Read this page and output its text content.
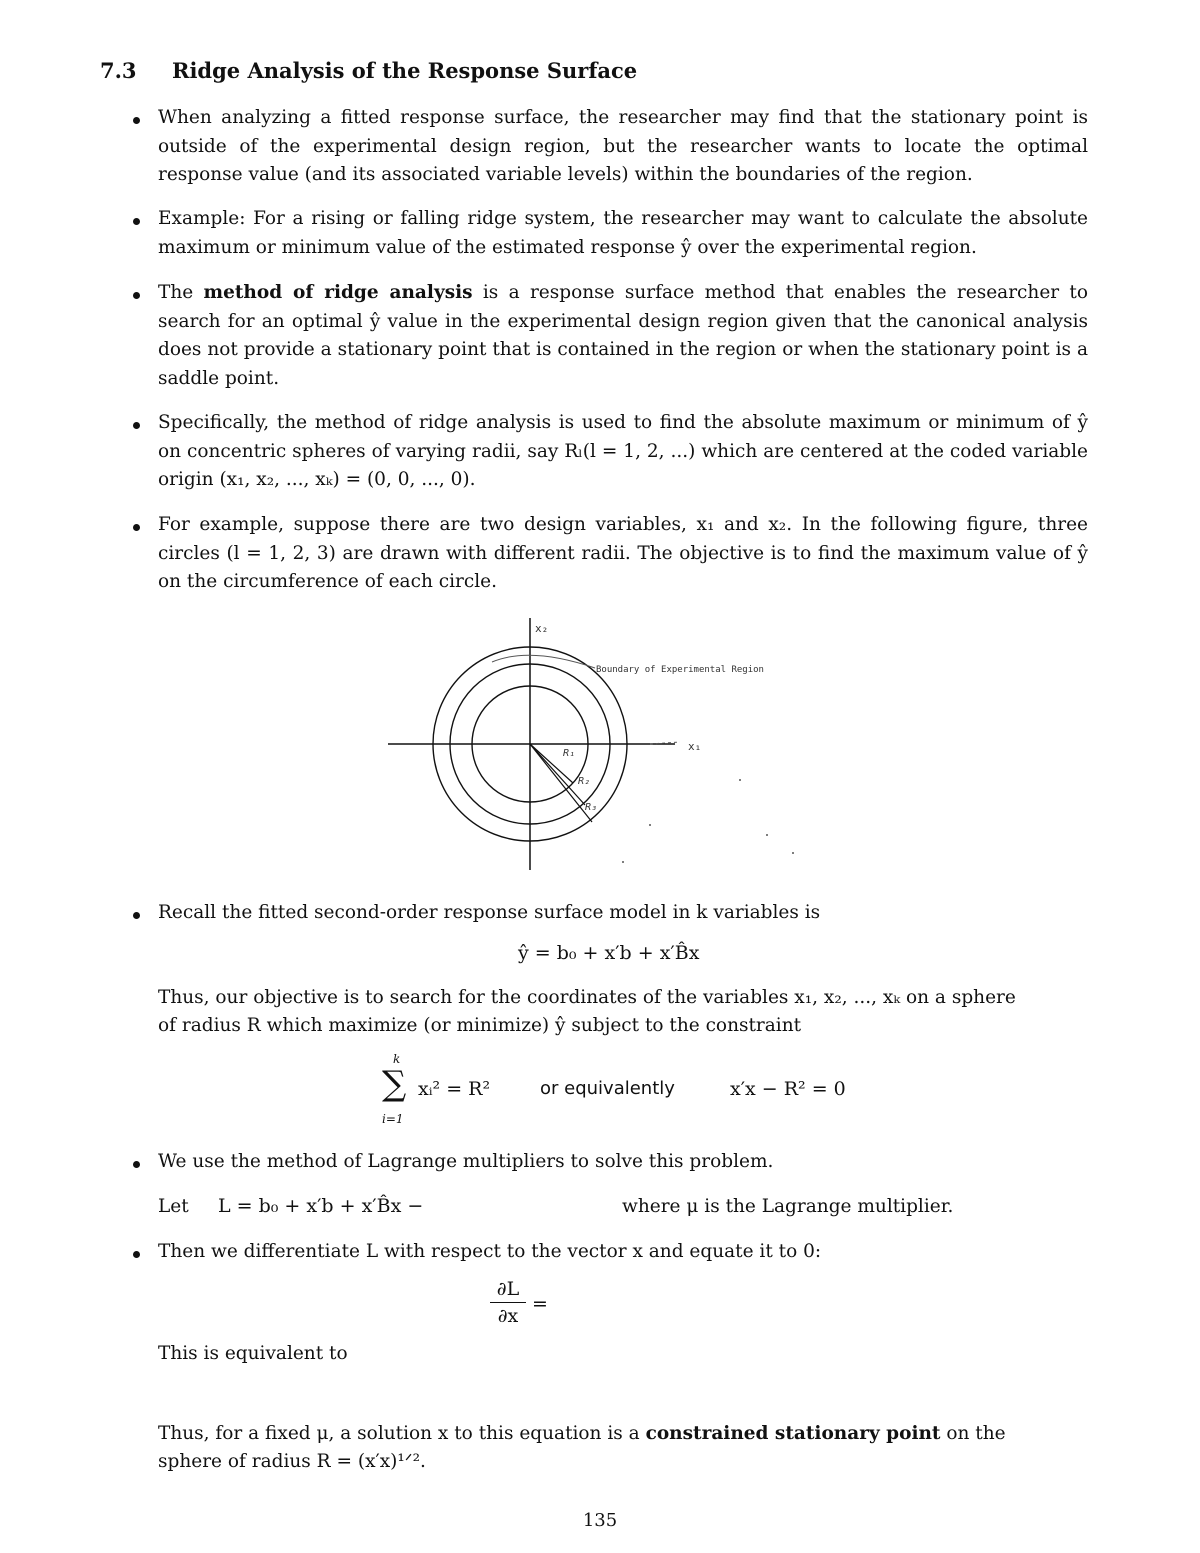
7.3 Ridge Analysis of the Response Surface
When analyzing a fitted response surface, the researcher may find that the stationary point is outside of the experimental design region, but the researcher wants to locate the optimal response value (and its associated variable levels) within the boundaries of the region.
Example: For a rising or falling ridge system, the researcher may want to calculate the absolute maximum or minimum value of the estimated response ŷ over the experimental region.
The method of ridge analysis is a response surface method that enables the researcher to search for an optimal ŷ value in the experimental design region given that the canonical analysis does not provide a stationary point that is contained in the region or when the stationary point is a saddle point.
Specifically, the method of ridge analysis is used to find the absolute maximum or minimum of ŷ on concentric spheres of varying radii, say Rₗ(l = 1, 2, ...) which are centered at the coded variable origin (x₁, x₂, ..., xₖ) = (0, 0, ..., 0).
For example, suppose there are two design variables, x₁ and x₂. In the following figure, three circles (l = 1, 2, 3) are drawn with different radii. The objective is to find the maximum value of ŷ on the circumference of each circle.
x₂
x₁
Boundary of Experimental Region
R₁
R₂
R₃
Recall the fitted second-order response surface model in k variables is
ŷ = b₀ + x′b + x′B̂x
Thus, our objective is to search for the coordinates of the variables x₁, x₂, ..., xₖ on a sphere
of radius R which maximize (or minimize) ŷ subject to the constraint
k
∑
i=1
xᵢ² = R²	or equivalently	x′x − R² = 0
We use the method of Lagrange multipliers to solve this problem.
Let L = b₀ + x′b + x′B̂x −	where μ is the Lagrange multiplier.
Then we differentiate L with respect to the vector x and equate it to 0:
∂L
∂x
=
This is equivalent to
Thus, for a fixed μ, a solution x to this equation is a constrained stationary point on the
sphere of radius R = (x′x)¹ᐟ².
135
